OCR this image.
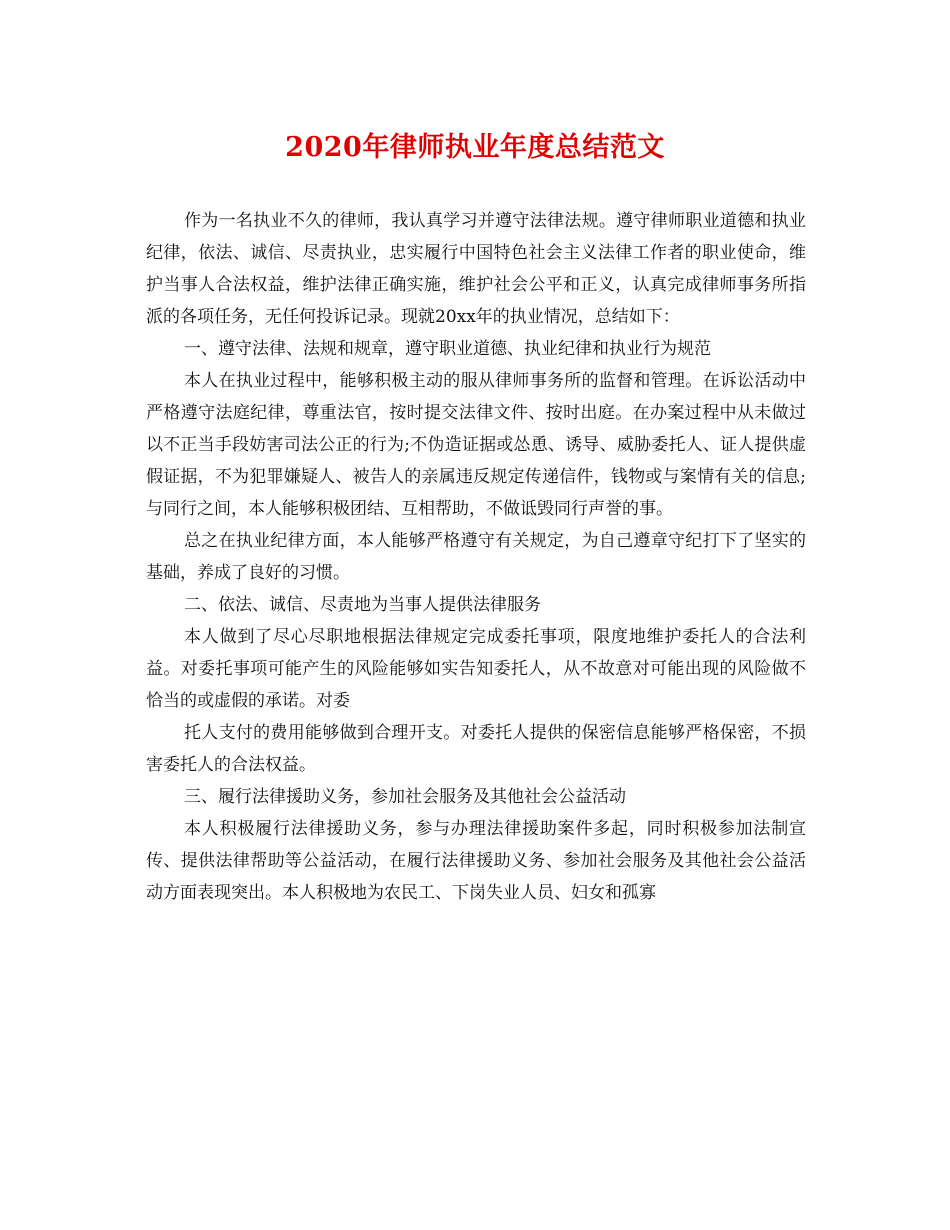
2020年律师执业年度总结范文

作为一名执业不久的律师，我认真学习并遵守法律法规。遵守律师职业道德和执业纪律，依法、诚信、尽责执业，忠实履行中国特色社会主义法律工作者的职业使命，维护当事人合法权益，维护法律正确实施，维护社会公平和正义，认真完成律师事务所指派的各项任务，无任何投诉记录。现就20xx年的执业情况，总结如下：

一、遵守法律、法规和规章，遵守职业道德、执业纪律和执业行为规范

本人在执业过程中，能够积极主动的服从律师事务所的监督和管理。在诉讼活动中严格遵守法庭纪律，尊重法官，按时提交法律文件、按时出庭。在办案过程中从未做过以不正当手段妨害司法公正的行为;不伪造证据或怂恿、诱导、威胁委托人、证人提供虚假证据，不为犯罪嫌疑人、被告人的亲属违反规定传递信件，钱物或与案情有关的信息;与同行之间，本人能够积极团结、互相帮助，不做诋毁同行声誉的事。

总之在执业纪律方面，本人能够严格遵守有关规定，为自己遵章守纪打下了坚实的基础，养成了良好的习惯。

二、依法、诚信、尽责地为当事人提供法律服务

本人做到了尽心尽职地根据法律规定完成委托事项，限度地维护委托人的合法利益。对委托事项可能产生的风险能够如实告知委托人，从不故意对可能出现的风险做不恰当的或虚假的承诺。对委

托人支付的费用能够做到合理开支。对委托人提供的保密信息能够严格保密，不损害委托人的合法权益。

三、履行法律援助义务，参加社会服务及其他社会公益活动

本人积极履行法律援助义务，参与办理法律援助案件多起，同时积极参加法制宣传、提供法律帮助等公益活动，在履行法律援助义务、参加社会服务及其他社会公益活动方面表现突出。本人积极地为农民工、下岗失业人员、妇女和孤寡
